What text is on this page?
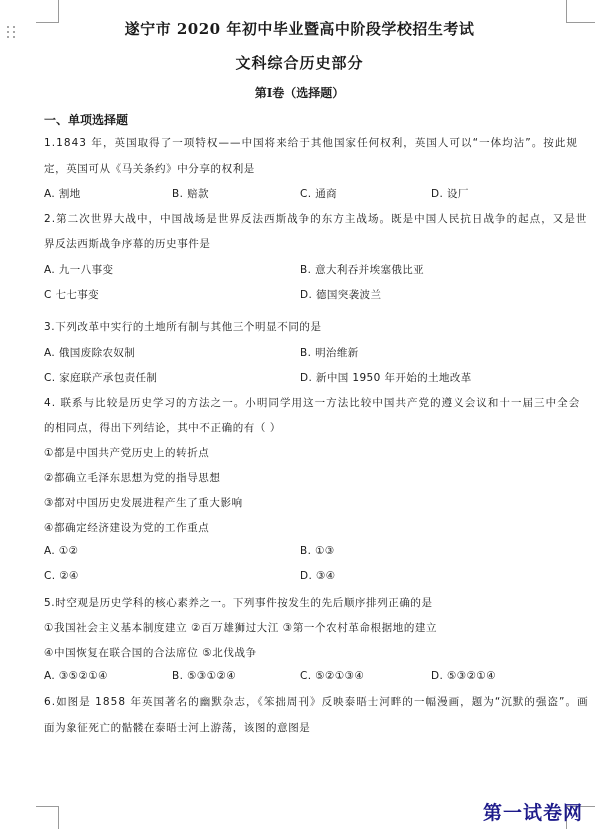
遂宁市 2020 年初中毕业暨高中阶段学校招生考试
文科综合历史部分
第Ⅰ卷（选择题）
一、单项选择题
1.1843 年，英国取得了一项特权——中国将来给于其他国家任何权利，英国人可以“一体均沾”。按此规
定，英国可从《马关条约》中分享的权利是
A. 割地	B. 赔款	C. 通商	D. 设厂
2.第二次世界大战中，中国战场是世界反法西斯战争的东方主战场。既是中国人民抗日战争的起点，又是世
界反法西斯战争序幕的历史事件是
A. 九一八事变	B. 意大利吞并埃塞俄比亚
C 七七事变	D. 德国突袭波兰
3.下列改革中实行的土地所有制与其他三个明显不同的是
A. 俄国废除农奴制	B. 明治维新
C. 家庭联产承包责任制	D. 新中国 1950 年开始的土地改革
4. 联系与比较是历史学习的方法之一。小明同学用这一方法比较中国共产党的遵义会议和十一届三中全会
的相同点，得出下列结论，其中不正确的有（ ）
①都是中国共产党历史上的转折点
②都确立毛泽东思想为党的指导思想
③都对中国历史发展进程产生了重大影响
④都确定经济建设为党的工作重点
A. ①②	B. ①③
C. ②④	D. ③④
5.时空观是历史学科的核心素养之一。下列事件按发生的先后顺序排列正确的是
①我国社会主义基本制度建立 ②百万雄狮过大江 ③第一个农村革命根据地的建立
④中国恢复在联合国的合法席位 ⑤北伐战争
A. ③⑤②①④	B. ⑤③①②④	C. ⑤②①③④	D. ⑤③②①④
6.如图是 1858 年英国著名的幽默杂志，《笨拙周刊》反映泰晤士河畔的一幅漫画，题为“沉默的强盗”。画
面为象征死亡的骷髅在泰晤士河上游荡，该图的意图是
第一试卷网
